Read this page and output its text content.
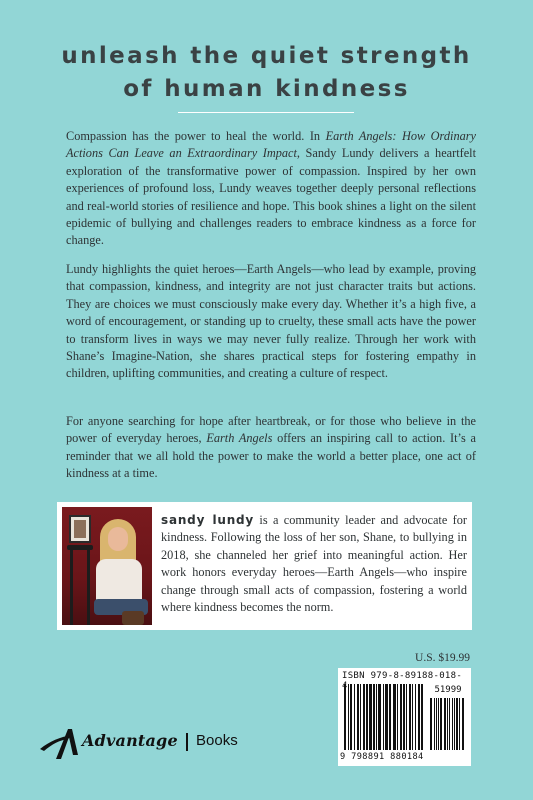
unleash the quiet strength
of human kindness

Compassion has the power to heal the world. In Earth Angels: How Ordinary Actions Can Leave an Extraordinary Impact, Sandy Lundy delivers a heartfelt exploration of the transformative power of compassion. Inspired by her own experiences of profound loss, Lundy weaves together deeply personal reflections and real-world stories of resilience and hope. This book shines a light on the silent epidemic of bullying and challenges readers to embrace kindness as a force for change.

Lundy highlights the quiet heroes—Earth Angels—who lead by example, proving that compassion, kindness, and integrity are not just character traits but actions. They are choices we must consciously make every day. Whether it’s a high five, a word of encouragement, or standing up to cruelty, these small acts have the power to transform lives in ways we may never fully realize. Through her work with Shane’s Imagine-Nation, she shares practical steps for fostering empathy in children, uplifting communities, and creating a culture of respect.

For anyone searching for hope after heartbreak, or for those who believe in the power of everyday heroes, Earth Angels offers an inspiring call to action. It’s a reminder that we all hold the power to make the world a better place, one act of kindness at a time.

sandy lundy is a community leader and advocate for kindness. Following the loss of her son, Shane, to bullying in 2018, she channeled her grief into meaningful action. Her work honors everyday heroes—Earth Angels—who inspire change through small acts of compassion, fostering a world where kindness becomes the norm.

U.S. $19.99
ISBN 979-8-89188-018-4	51999
9 798891 880184
Advantage Books
